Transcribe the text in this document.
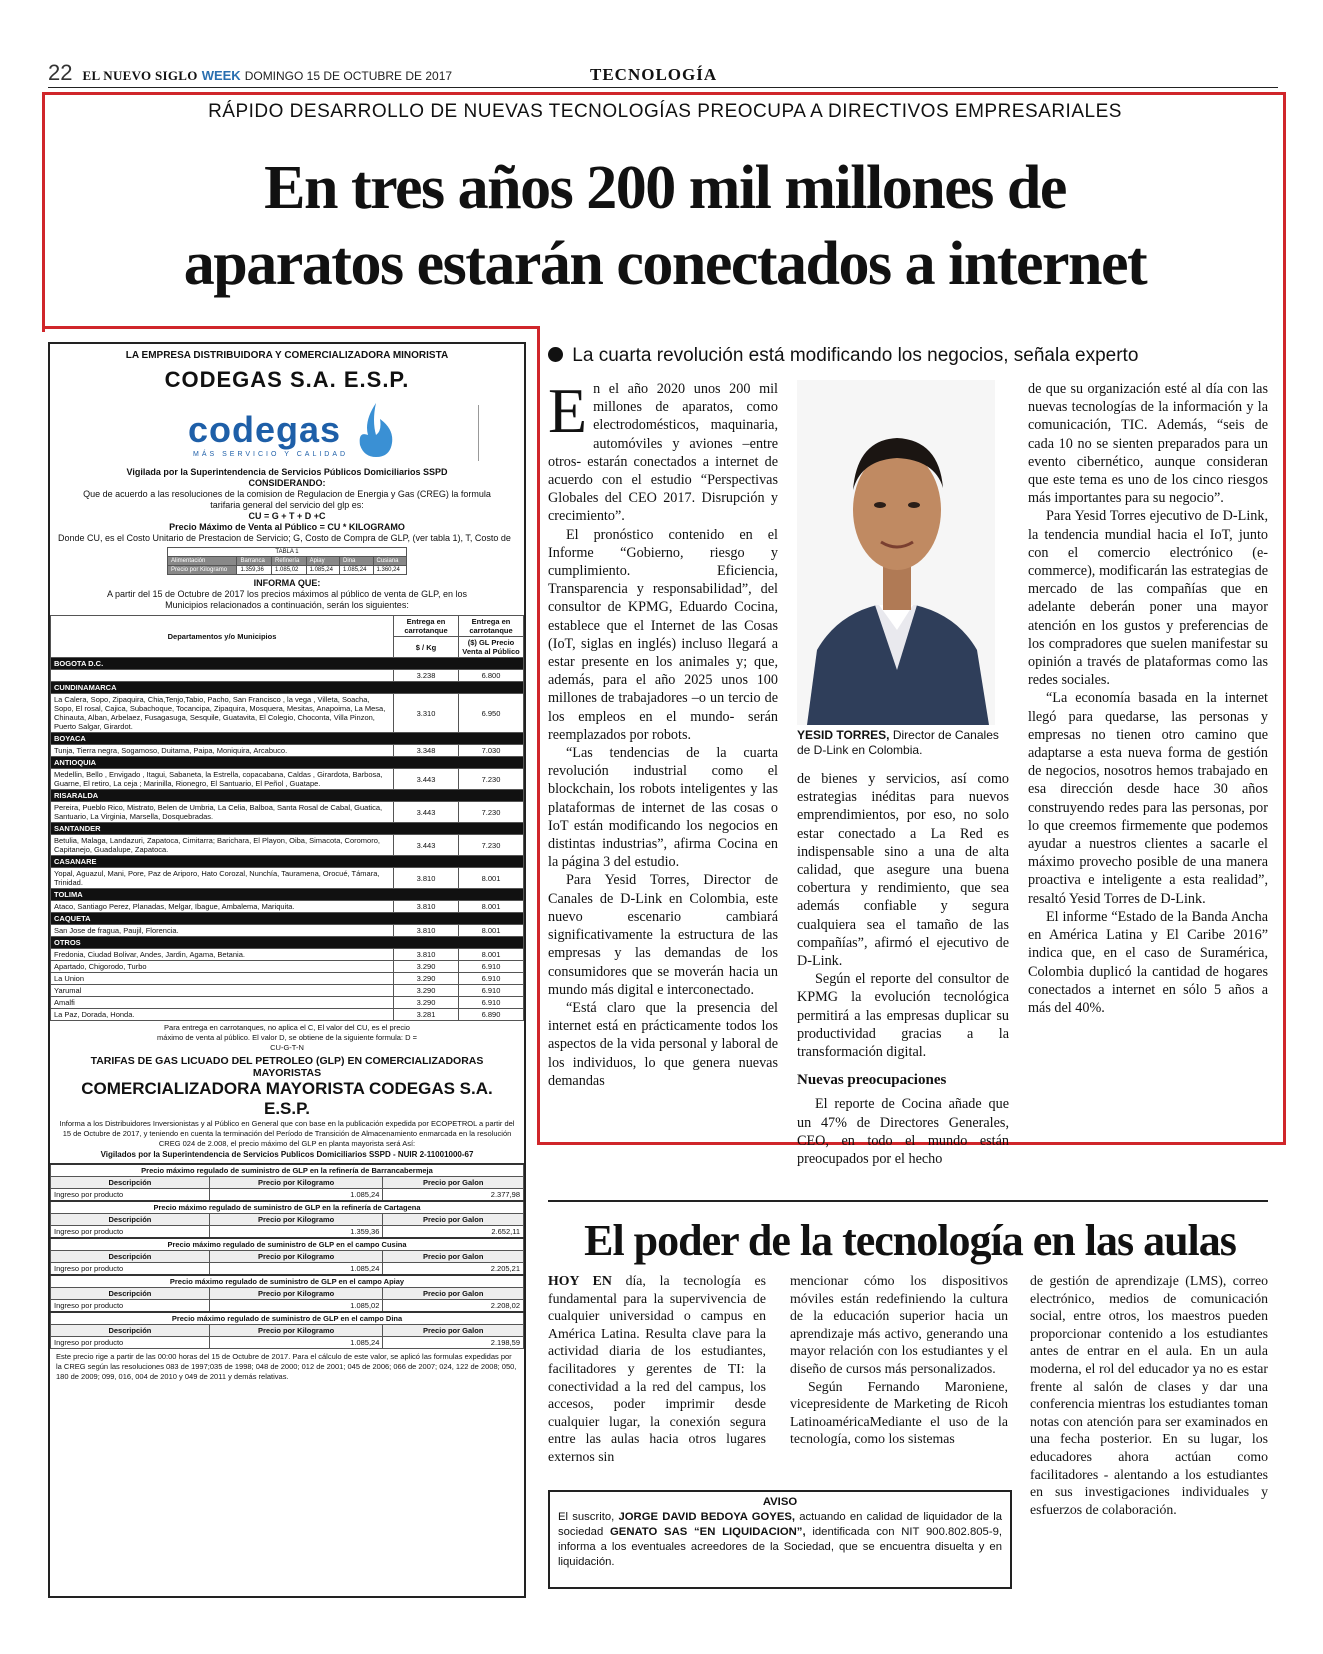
22 EL NUEVO SIGLO WEEK DOMINGO 15 DE OCTUBRE DE 2017	TECNOLOGÍA
RÁPIDO DESARROLLO DE NUEVAS TECNOLOGÍAS PREOCUPA A DIRECTIVOS EMPRESARIALES
En tres años 200 mil millones de
aparatos estarán conectados a internet
La cuarta revolución está modificando los negocios, señala experto

En el año 2020 unos 200 mil millones de aparatos, como electrodomésticos, maquinaria, automóviles y aviones –entre otros- estarán conectados a internet de acuerdo con el estudio “Perspectivas Globales del CEO 2017. Disrupción y crecimiento”.

El pronóstico contenido en el Informe “Gobierno, riesgo y cumplimiento. Eficiencia, Transparencia y responsabilidad”, del consultor de KPMG, Eduardo Cocina, establece que el Internet de las Cosas (IoT, siglas en inglés) incluso llegará a estar presente en los animales y; que, además, para el año 2025 unos 100 millones de trabajadores –o un tercio de los empleos en el mundo- serán reemplazados por robots.

“Las tendencias de la cuarta revolución industrial como el blockchain, los robots inteligentes y las plataformas de internet de las cosas o IoT están modificando los negocios en distintas industrias”, afirma Cocina en la página 3 del estudio.

Para Yesid Torres, Director de Canales de D-Link en Colombia, este nuevo escenario cambiará significativamente la estructura de las empresas y las demandas de los consumidores que se moverán hacia un mundo más digital e interconectado.

“Está claro que la presencia del internet está en prácticamente todos los aspectos de la vida personal y laboral de los individuos, lo que genera nuevas demandas

YESID TORRES, Director de Canales de D-Link en Colombia.

de bienes y servicios, así como estrategias inéditas para nuevos emprendimientos, por eso, no solo estar conectado a La Red es indispensable sino a una de alta calidad, que asegure una buena cobertura y rendimiento, que sea además confiable y segura cualquiera sea el tamaño de las compañías”, afirmó el ejecutivo de D-Link.

Según el reporte del consultor de KPMG la evolución tecnológica permitirá a las empresas duplicar su productividad gracias a la transformación digital.

Nuevas preocupaciones

El reporte de Cocina añade que un 47% de Directores Generales, CEO, en todo el mundo están preocupados por el hecho

de que su organización esté al día con las nuevas tecnologías de la información y la comunicación, TIC. Además, “seis de cada 10 no se sienten preparados para un evento cibernético, aunque consideran que este tema es uno de los cinco riesgos más importantes para su negocio”.

Para Yesid Torres ejecutivo de D-Link, la tendencia mundial hacia el IoT, junto con el comercio electrónico (e-commerce), modificarán las estrategias de mercado de las compañías que en adelante deberán poner una mayor atención en los gustos y preferencias de los compradores que suelen manifestar su opinión a través de plataformas como las redes sociales.

“La economía basada en la internet llegó para quedarse, las personas y empresas no tienen otro camino que adaptarse a esta nueva forma de gestión de negocios, nosotros hemos trabajado en esa dirección desde hace 30 años construyendo redes para las personas, por lo que creemos firmemente que podemos ayudar a nuestros clientes a sacarle el máximo provecho posible de una manera proactiva e inteligente a esta realidad”, resaltó Yesid Torres de D-Link.

El informe “Estado de la Banda Ancha en América Latina y El Caribe 2016” indica que, en el caso de Suramérica, Colombia duplicó la cantidad de hogares conectados a internet en sólo 5 años a más del 40%.

El poder de la tecnología en las aulas

HOY EN día, la tecnología es fundamental para la supervivencia de cualquier universidad o campus en América Latina. Resulta clave para la actividad diaria de los estudiantes, facilitadores y gerentes de TI: la conectividad a la red del campus, los accesos, poder imprimir desde cualquier lugar, la conexión segura entre las aulas hacia otros lugares externos sin

mencionar cómo los dispositivos móviles están redefiniendo la cultura de la educación superior hacia un aprendizaje más activo, generando una mayor relación con los estudiantes y el diseño de cursos más personalizados.

Según Fernando Maroniene, vicepresidente de Marketing de Ricoh LatinoaméricaMediante el uso de la tecnología, como los sistemas

de gestión de aprendizaje (LMS), correo electrónico, medios de comunicación social, entre otros, los maestros pueden proporcionar contenido a los estudiantes antes de entrar en el aula. En un aula moderna, el rol del educador ya no es estar frente al salón de clases y dar una conferencia mientras los estudiantes toman notas con atención para ser examinados en una fecha posterior. En su lugar, los educadores ahora actúan como facilitadores - alentando a los estudiantes en sus investigaciones individuales y esfuerzos de colaboración.

AVISO
El suscrito, JORGE DAVID BEDOYA GOYES, actuando en calidad de liquidador de la sociedad GENATO SAS “EN LIQUIDACION”, identificada con NIT 900.802.805-9, informa a los eventuales acreedores de la Sociedad, que se encuentra disuelta y en liquidación.
LA EMPRESA DISTRIBUIDORA Y COMERCIALIZADORA MINORISTA
CODEGAS S.A. E.S.P.
codegas
MÁS SERVICIO Y CALIDAD
Vigilada por la Superintendencia de Servicios Públicos Domiciliarios SSPD
CONSIDERANDO:
Que de acuerdo a las resoluciones de la comision de Regulacion de Energia y Gas (CREG) la formula tarifaria general del servicio del glp es:
CU = G + T + D +C
Precio Máximo de Venta al Público = CU * KILOGRAMO
Donde CU, es el Costo Unitario de Prestacion de Servicio; G, Costo de Compra de GLP, (ver tabla 1), T, Costo de
TABLA 1					
Alimentación	Barranca	Refinería	Apiay	Dina	Cusiana
Precio por Kilogramo	1.359,36	1.085,02	1.085,24	1.085,24	1.360,24
INFORMA QUE:
A partir del 15 de Octubre de 2017 los precios máximos al público de venta de GLP, en los Municipios relacionados a continuación, serán los siguientes:
Departamentos y/o Municipios	Entrega en carrotanque	Entrega en carrotanque
	$ / Kg	($) GL Precio Venta al Público
BOGOTA D.C.		
	3.238	6.800
CUNDINAMARCA		
La Calera, Sopo, Zipaquira, Chia,Tenjo,Tabio, Pacho, San Francisco , la vega , Villeta, Soacha, Sopo, El rosal, Cajica, Subachoque, Tocancipa, Zipaquira, Mosquera, Mesitas, Anapoima, La Mesa, Chinauta, Alban, Arbelaez, Fusagasuga, Sesquile, Guatavita, El Colegio, Choconta, Villa Pinzon, Puerto Salgar, Girardot.	3.310	6.950
BOYACA		
Tunja, Tierra negra, Sogamoso, Duitama, Paipa, Moniquira, Arcabuco.	3.348	7.030
ANTIOQUIA		
Medellin, Bello , Envigado , Itagui, Sabaneta, la Estrella, copacabana, Caldas , Girardota, Barbosa, Guarne, El retiro, La ceja ; Marinilla, Rionegro, El Santuario, El Peñol , Guatape.	3.443	7.230
RISARALDA		
Pereira, Pueblo Rico, Mistrato, Belen de Umbria, La Celia, Balboa, Santa Rosal de Cabal, Guatica, Santuario, La Virginia, Marsella, Dosquebradas.	3.443	7.230
SANTANDER		
Betulia, Malaga, Landazuri, Zapatoca, Cimitarra; Barichara, El Playon, Oiba, Simacota, Coromoro, Capitanejo, Guadalupe, Zapatoca.	3.443	7.230
CASANARE		
Yopal, Aguazul, Mani, Pore, Paz de Ariporo, Hato Corozal, Nunchía, Tauramena, Orocué, Támara, Trinidad.	3.810	8.001
TOLIMA		
Ataco, Santiago Perez, Planadas, Melgar, Ibague, Ambalema, Mariquita.	3.810	8.001
CAQUETA		
San Jose de fragua, Paujil, Florencia.	3.810	8.001
OTROS		
Fredonia, Ciudad Bolivar, Andes, Jardin, Agama, Betania.	3.810	8.001
Apartado, Chigorodo, Turbo	3.290	6.910
La Union	3.290	6.910
Yarumal	3.290	6.910
Amalfi	3.290	6.910
La Paz, Dorada, Honda.	3.281	6.890
Para entrega en carrotanques, no aplica el C, El valor del CU, es el precio máximo de venta al público. El valor D, se obtiene de la siguiente formula: D = CU-G-T-N
TARIFAS DE GAS LICUADO DEL PETROLEO (GLP) EN COMERCIALIZADORAS MAYORISTAS
COMERCIALIZADORA MAYORISTA CODEGAS S.A. E.S.P.
Informa a los Distribuidores Inversionistas y al Público en General que con base en la publicación expedida por ECOPETROL a partir del 15 de Octubre de 2017, y teniendo en cuenta la terminación del Período de Transición de Almacenamiento enmarcada en la resolución CREG 024 de 2.008, el precio máximo del GLP en planta mayorista será Así:
Vigilados por la Superintendencia de Servicios Publicos Domiciliarios SSPD - NUIR 2-11001000-67
Precio máximo regulado de suministro de GLP en la refinería de Barrancabermeja		
Descripción	Precio por Kilogramo	Precio por Galon
Ingreso por producto	1.085,24	2.377,98
Precio máximo regulado de suministro de GLP en la refinería de Cartagena		
Descripción	Precio por Kilogramo	Precio por Galon
Ingreso por producto	1.359,36	2.652,11
Precio máximo regulado de suministro de GLP en el campo Cusina		
Descripción	Precio por Kilogramo	Precio por Galon
Ingreso por producto	1.085,24	2.205,21
Precio máximo regulado de suministro de GLP en el campo Apiay		
Descripción	Precio por Kilogramo	Precio por Galon
Ingreso por producto	1.085,02	2.208,02
Precio máximo regulado de suministro de GLP en el campo Dina		
Descripción	Precio por Kilogramo	Precio por Galon
Ingreso por producto	1.085,24	2.198,59
Este precio rige a partir de las 00:00 horas del 15 de Octubre de 2017. Para el cálculo de este valor, se aplicó las formulas expedidas por la CREG según las resoluciones 083 de 1997;035 de 1998; 048 de 2000; 012 de 2001; 045 de 2006; 066 de 2007; 024, 122 de 2008; 050, 180 de 2009; 099, 016, 004 de 2010 y 049 de 2011 y demás relativas.
